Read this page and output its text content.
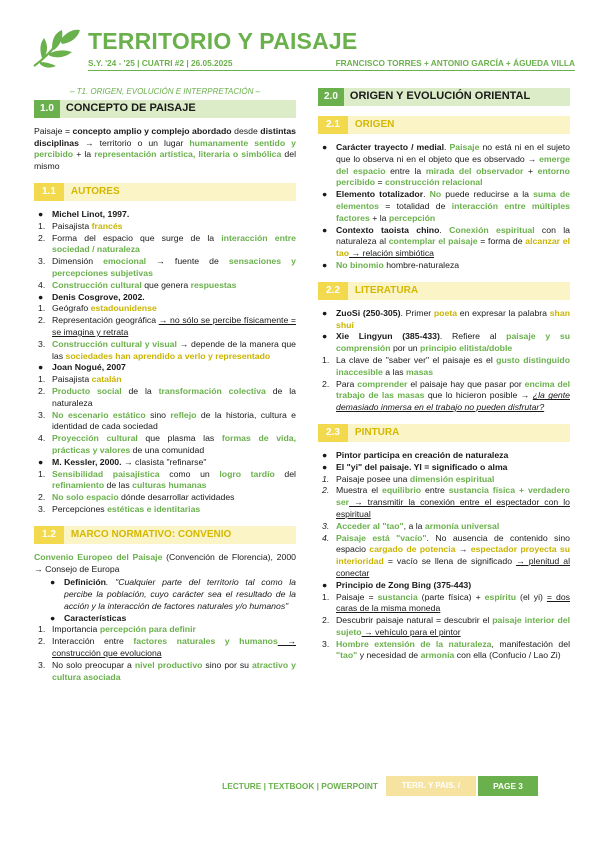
TERRITORIO Y PAISAJE
S.Y. '24 - '25 | CUATRI #2 | 26.05.2025	FRANCISCO TORRES + ANTONIO GARCÍA + ÁGUEDA VILLA
– T1. ORIGEN, EVOLUCIÓN E INTERPRETACIÓN –
1.0	CONCEPTO DE PAISAJE

Paisaje = concepto amplio y complejo abordado desde distintas disciplinas → territorio o un lugar humanamente sentido y percibido + la representación artística, literaria o simbólica del mismo

1.1	AUTORES
● Michel Linot, 1997.
1. Paisajista francés
2. Forma del espacio que surge de la interacción entre sociedad / naturaleza
3. Dimensión emocional → fuente de sensaciones y percepciones subjetivas
4. Construcción cultural que genera respuestas
● Denis Cosgrove, 2002.
1. Geógrafo estadounidense
2. Representación geográfica → no sólo se percibe físicamente = se imagina y retrata
3. Construcción cultural y visual → depende de la manera que las sociedades han aprendido a verlo y representado
● Joan Nogué, 2007
1. Paisajista catalán
2. Producto social de la transformación colectiva de la naturaleza
3. No escenario estático sino reflejo de la historia, cultura e identidad de cada sociedad
4. Proyección cultural que plasma las formas de vida, prácticas y valores de una comunidad
● M. Kessler, 2000. → clasista "refinarse"
1. Sensibilidad paisajística como un logro tardío del refinamiento de las culturas humanas
2. No solo espacio dónde desarrollar actividades
3. Percepciones estéticas e identitarias
1.2	MARCO NORMATIVO: CONVENIO

Convenio Europeo del Paisaje (Convención de Florencia), 2000 → Consejo de Europa

● Definición. "Cualquier parte del territorio tal como la percibe la población, cuyo carácter sea el resultado de la acción y la interacción de factores naturales y/o humanos"
● Características
1. Importancia percepción para definir
2. Interacción entre factores naturales y humanos → construcción que evoluciona
3. No solo preocupar a nivel productivo sino por su atractivo y cultura asociada
2.0	ORIGEN Y EVOLUCIÓN ORIENTAL
2.1	ORIGEN
● Carácter trayecto / medial. Paisaje no está ni en el sujeto que lo observa ni en el objeto que es observado → emerge del espacio entre la mirada del observador + entorno percibido = construcción relacional
● Elemento totalizador. No puede reducirse a la suma de elementos = totalidad de interacción entre múltiples factores + la percepción
● Contexto taoista chino. Conexión espiritual con la naturaleza al contemplar el paisaje = forma de alcanzar el tao → relación simbiótica
● No binomio hombre-naturaleza
2.2	LITERATURA
● ZuoSi (250-305). Primer poeta en expresar la palabra shan shui
● Xie Lingyun (385-433). Refiere al paisaje y su comprensión por un principio elitista/doble
1. La clave de "saber ver" el paisaje es el gusto distinguido inaccesible a las masas
2. Para comprender el paisaje hay que pasar por encima del trabajo de las masas que lo hicieron posible → ¿la gente demasiado inmersa en el trabajo no pueden disfrutar?
2.3	PINTURA
● Pintor participa en creación de naturaleza
● El "yi" del paisaje. YI = significado o alma
1. Paisaje posee una dimensión espiritual
2. Muestra el equilibrio entre sustancia física + verdadero ser → transmitir la conexión entre el espectador con lo espiritual
3. Acceder al "tao", a la armonía universal
4. Paisaje está "vacío". No ausencia de contenido sino espacio cargado de potencia → espectador proyecta su interioridad = vacío se llena de significado → plenitud al conectar
● Principio de Zong Bing (375-443)
1. Paisaje = sustancia (parte física) + espíritu (el yi) = dos caras de la misma moneda
2. Descubrir paisaje natural = descubrir el paisaje interior del sujeto → vehículo para el pintor
3. Hombre extensión de la naturaleza, manifestación del "tao" y necesidad de armonía con ella (Confucio / Lao Zi)
LECTURE | TEXTBOOK | POWERPOINT	TERR. Y PAIS. / CUATRI 2
PAGE 3
